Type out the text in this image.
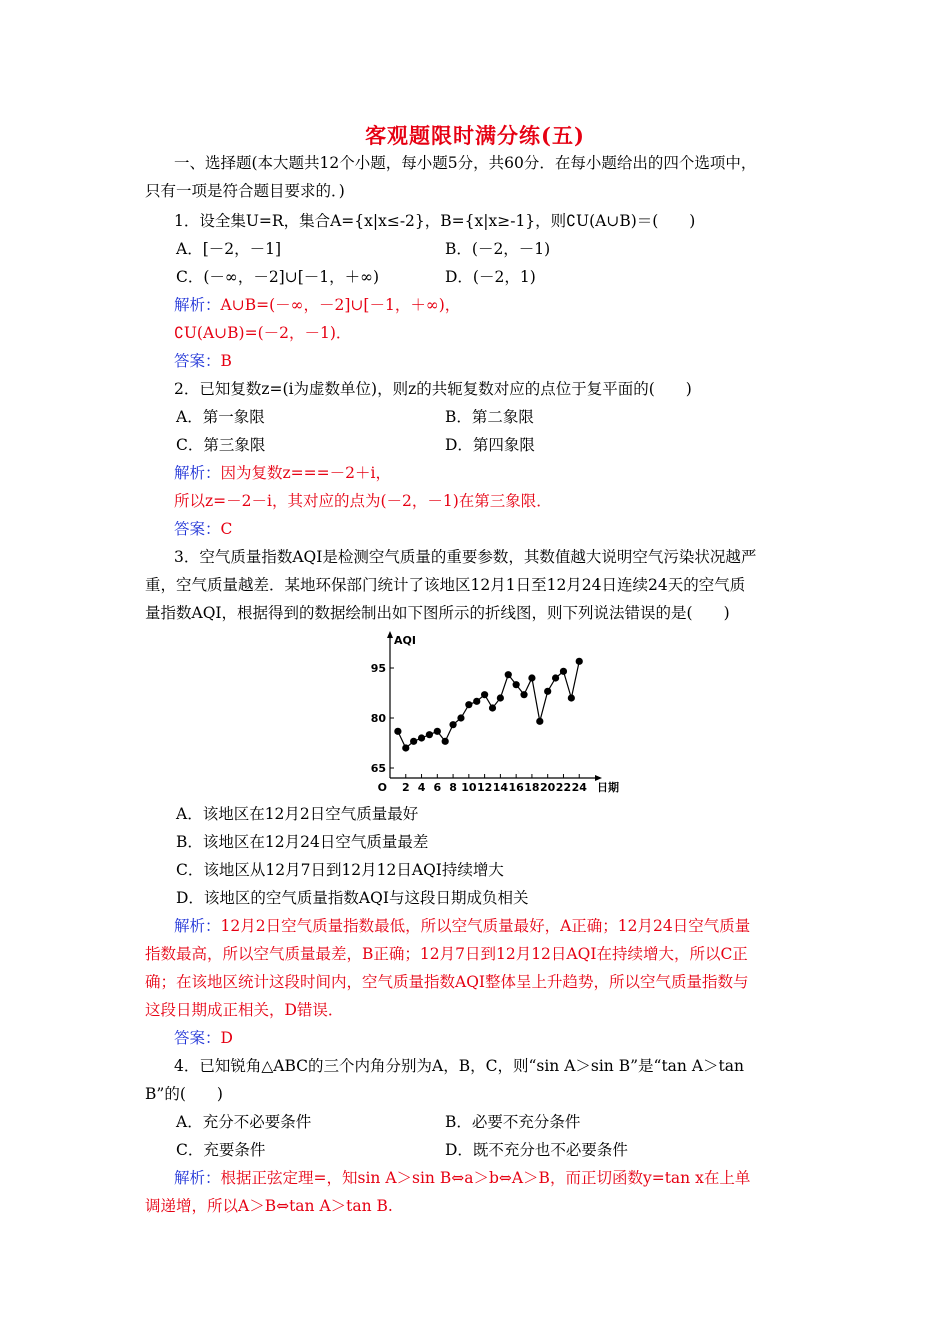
客观题限时满分练(五)
一、选择题(本大题共12个小题，每小题5分，共60分．在每小题给出的四个选项中，
只有一项是符合题目要求的．)
1．设全集U=R，集合A={x|x≤-2}，B={x|x≥-1}，则∁U(A∪B)＝(　　)
A．[－2，－1]	B．(－2，－1)
C．(－∞，－2]∪[－1，＋∞)	D．(－2，1)
解析：A∪B=(－∞，－2]∪[－1，＋∞)，
∁U(A∪B)=(－2，－1)．
答案：B
2．已知复数z=(i为虚数单位)，则z的共轭复数对应的点位于复平面的(　　)
A．第一象限	B．第二象限
C．第三象限	D．第四象限
解析：因为复数z===－2＋i，
所以z=－2－i，其对应的点为(－2，－1)在第三象限．
答案：C
3．空气质量指数AQI是检测空气质量的重要参数，其数值越大说明空气污染状况越严
重，空气质量越差．某地环保部门统计了该地区12月1日至12月24日连续24天的空气质
量指数AQI，根据得到的数据绘制出如下图所示的折线图，则下列说法错误的是(　　)
65
80
95
2 4 6 8 10 12 14 16 18 20 22 24
O
AQI
日期
A．该地区在12月2日空气质量最好
B．该地区在12月24日空气质量最差
C．该地区从12月7日到12月12日AQI持续增大
D．该地区的空气质量指数AQI与这段日期成负相关
解析：12月2日空气质量指数最低，所以空气质量最好，A正确；12月24日空气质量
指数最高，所以空气质量最差，B正确；12月7日到12月12日AQI在持续增大，所以C正
确；在该地区统计这段时间内，空气质量指数AQI整体呈上升趋势，所以空气质量指数与
这段日期成正相关，D错误．
答案：D
4．已知锐角△ABC的三个内角分别为A，B，C，则“sin A＞sin B”是“tan A＞tan
B”的(　　)
A．充分不必要条件	B．必要不充分条件
C．充要条件	D．既不充分也不必要条件
解析：根据正弦定理=，知sin A＞sin B⇔a＞b⇔A＞B，而正切函数y=tan x在上单
调递增，所以A＞B⇔tan A＞tan B.
